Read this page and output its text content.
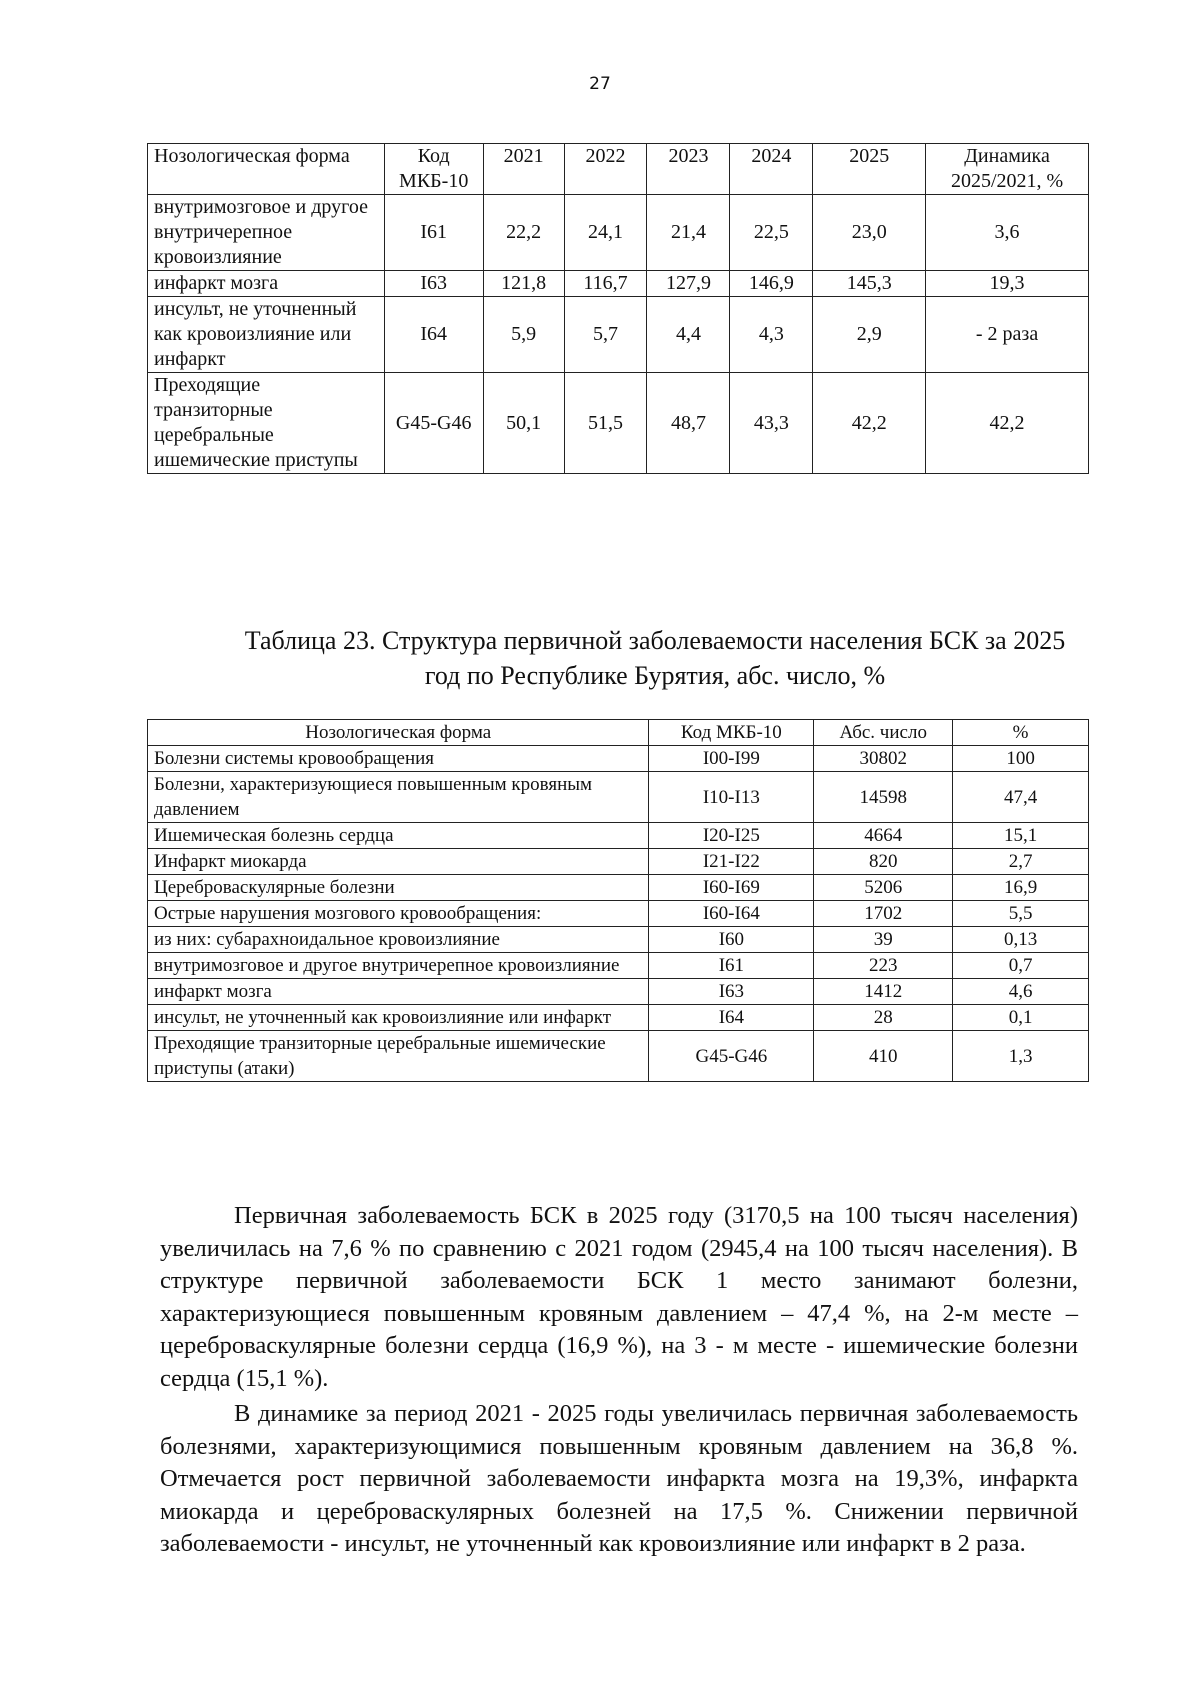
27
Нозологическая форма	Код МКБ-10	2021	2022	2023	2024	2025	Динамика 2025/2021, %
внутримозговое и другое внутричерепное кровоизлияние	I61	22,2	24,1	21,4	22,5	23,0	3,6
инфаркт мозга	I63	121,8	116,7	127,9	146,9	145,3	19,3
инсульт, не уточненный как кровоизлияние или инфаркт	I64	5,9	5,7	4,4	4,3	2,9	- 2 раза
Преходящие транзиторные церебральные ишемические приступы	G45-G46	50,1	51,5	48,7	43,3	42,2	42,2
Таблица 23. Структура первичной заболеваемости населения БСК за 2025 год по Республике Бурятия, абс. число, %
Нозологическая форма	Код МКБ-10	Абс. число	%
Болезни системы кровообращения	I00-I99	30802	100
Болезни, характеризующиеся повышенным кровяным давлением	I10-I13	14598	47,4
Ишемическая болезнь сердца	I20-I25	4664	15,1
Инфаркт миокарда	I21-I22	820	2,7
Цереброваскулярные болезни	I60-I69	5206	16,9
Острые нарушения мозгового кровообращения:	I60-I64	1702	5,5
из них: субарахноидальное кровоизлияние	I60	39	0,13
внутримозговое и другое внутричерепное кровоизлияние	I61	223	0,7
инфаркт мозга	I63	1412	4,6
инсульт, не уточненный как кровоизлияние или инфаркт	I64	28	0,1
Преходящие транзиторные церебральные ишемические приступы (атаки)	G45-G46	410	1,3

Первичная заболеваемость БСК в 2025 году (3170,5 на 100 тысяч населения) увеличилась на 7,6 % по сравнению с 2021 годом (2945,4 на 100 тысяч населения). В структуре первичной заболеваемости БСК 1 место занимают болезни, характеризующиеся повышенным кровяным давлением – 47,4 %, на 2-м месте – цереброваскулярные болезни сердца (16,9 %), на 3 - м месте - ишемические болезни сердца (15,1 %).

В динамике за период 2021 - 2025 годы увеличилась первичная заболеваемость болезнями, характеризующимися повышенным кровяным давлением на 36,8 %. Отмечается рост первичной заболеваемости инфаркта мозга на 19,3%, инфаркта миокарда и цереброваскулярных болезней на 17,5 %. Снижении первичной заболеваемости - инсульт, не уточненный как кровоизлияние или инфаркт в 2 раза.
